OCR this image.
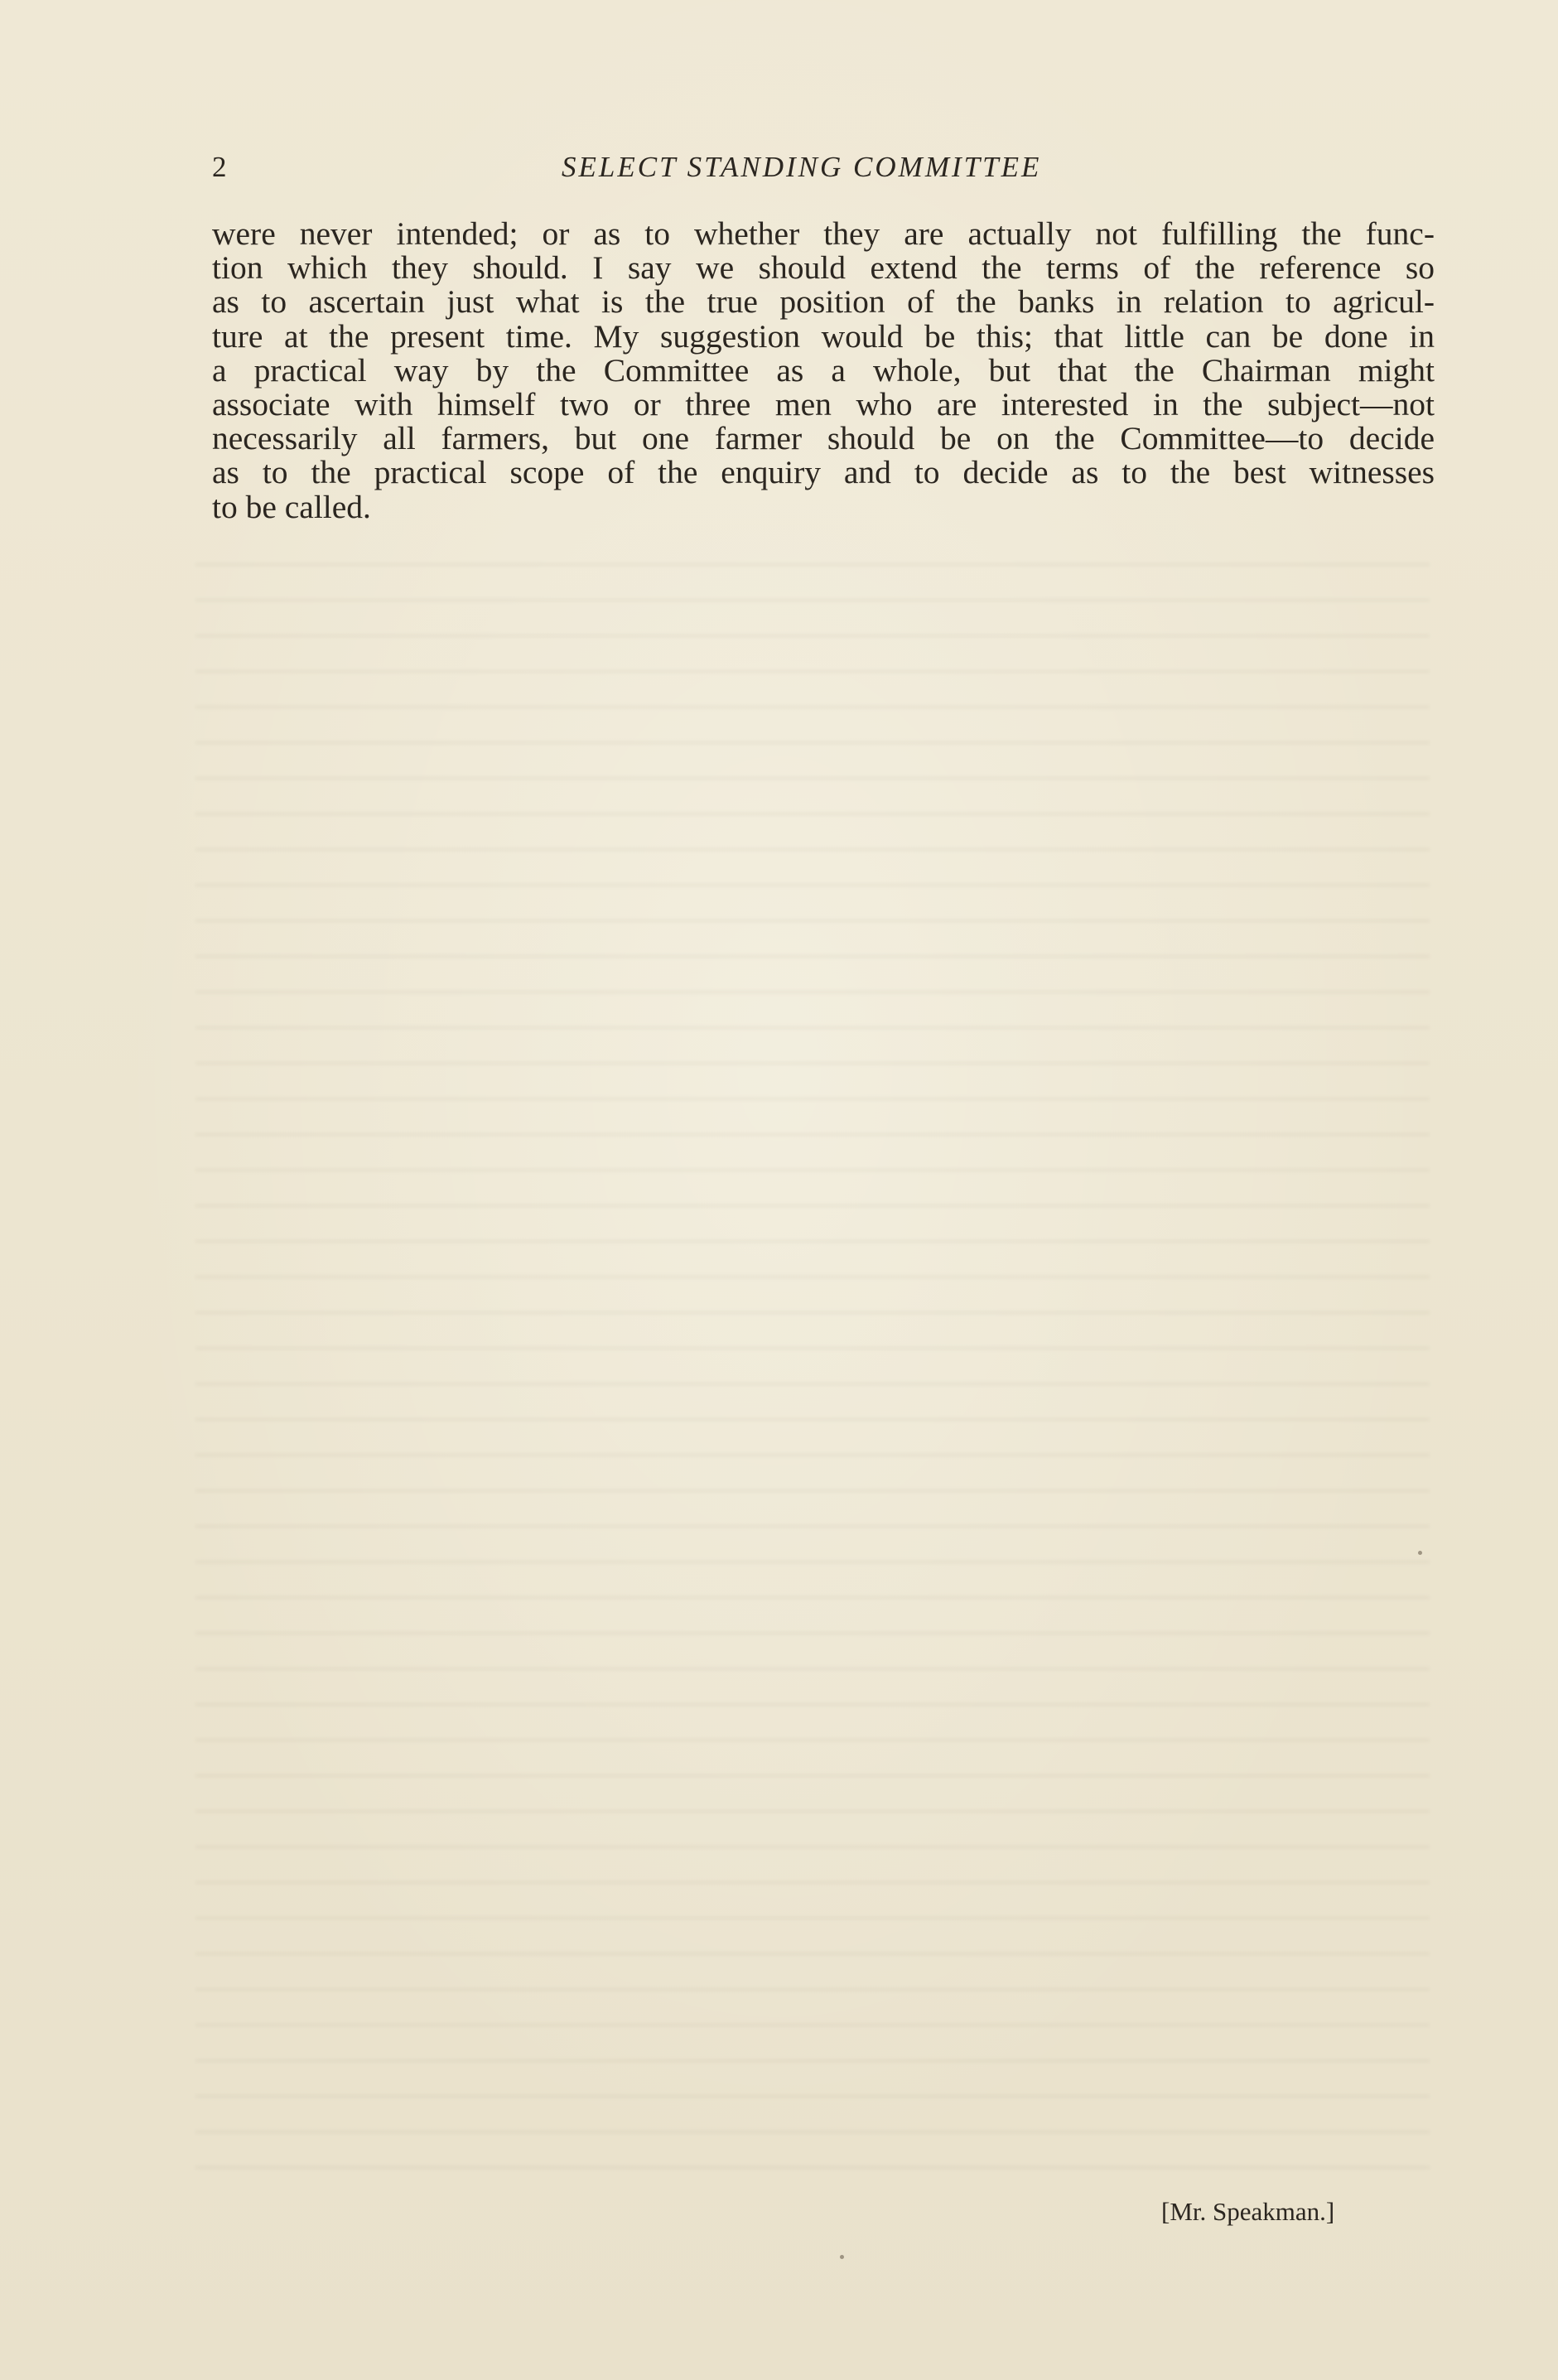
2	SELECT STANDING COMMITTEE
were never intended; or as to whether they are actually not fulfilling the func-
tion which they should. I say we should extend the terms of the reference so
as to ascertain just what is the true position of the banks in relation to agricul-
ture at the present time. My suggestion would be this; that little can be done in
a practical way by the Committee as a whole, but that the Chairman might
associate with himself two or three men who are interested in the subject—not
necessarily all farmers, but one farmer should be on the Committee—to decide
as to the practical scope of the enquiry and to decide as to the best witnesses
to be called.
[Mr. Speakman.]
